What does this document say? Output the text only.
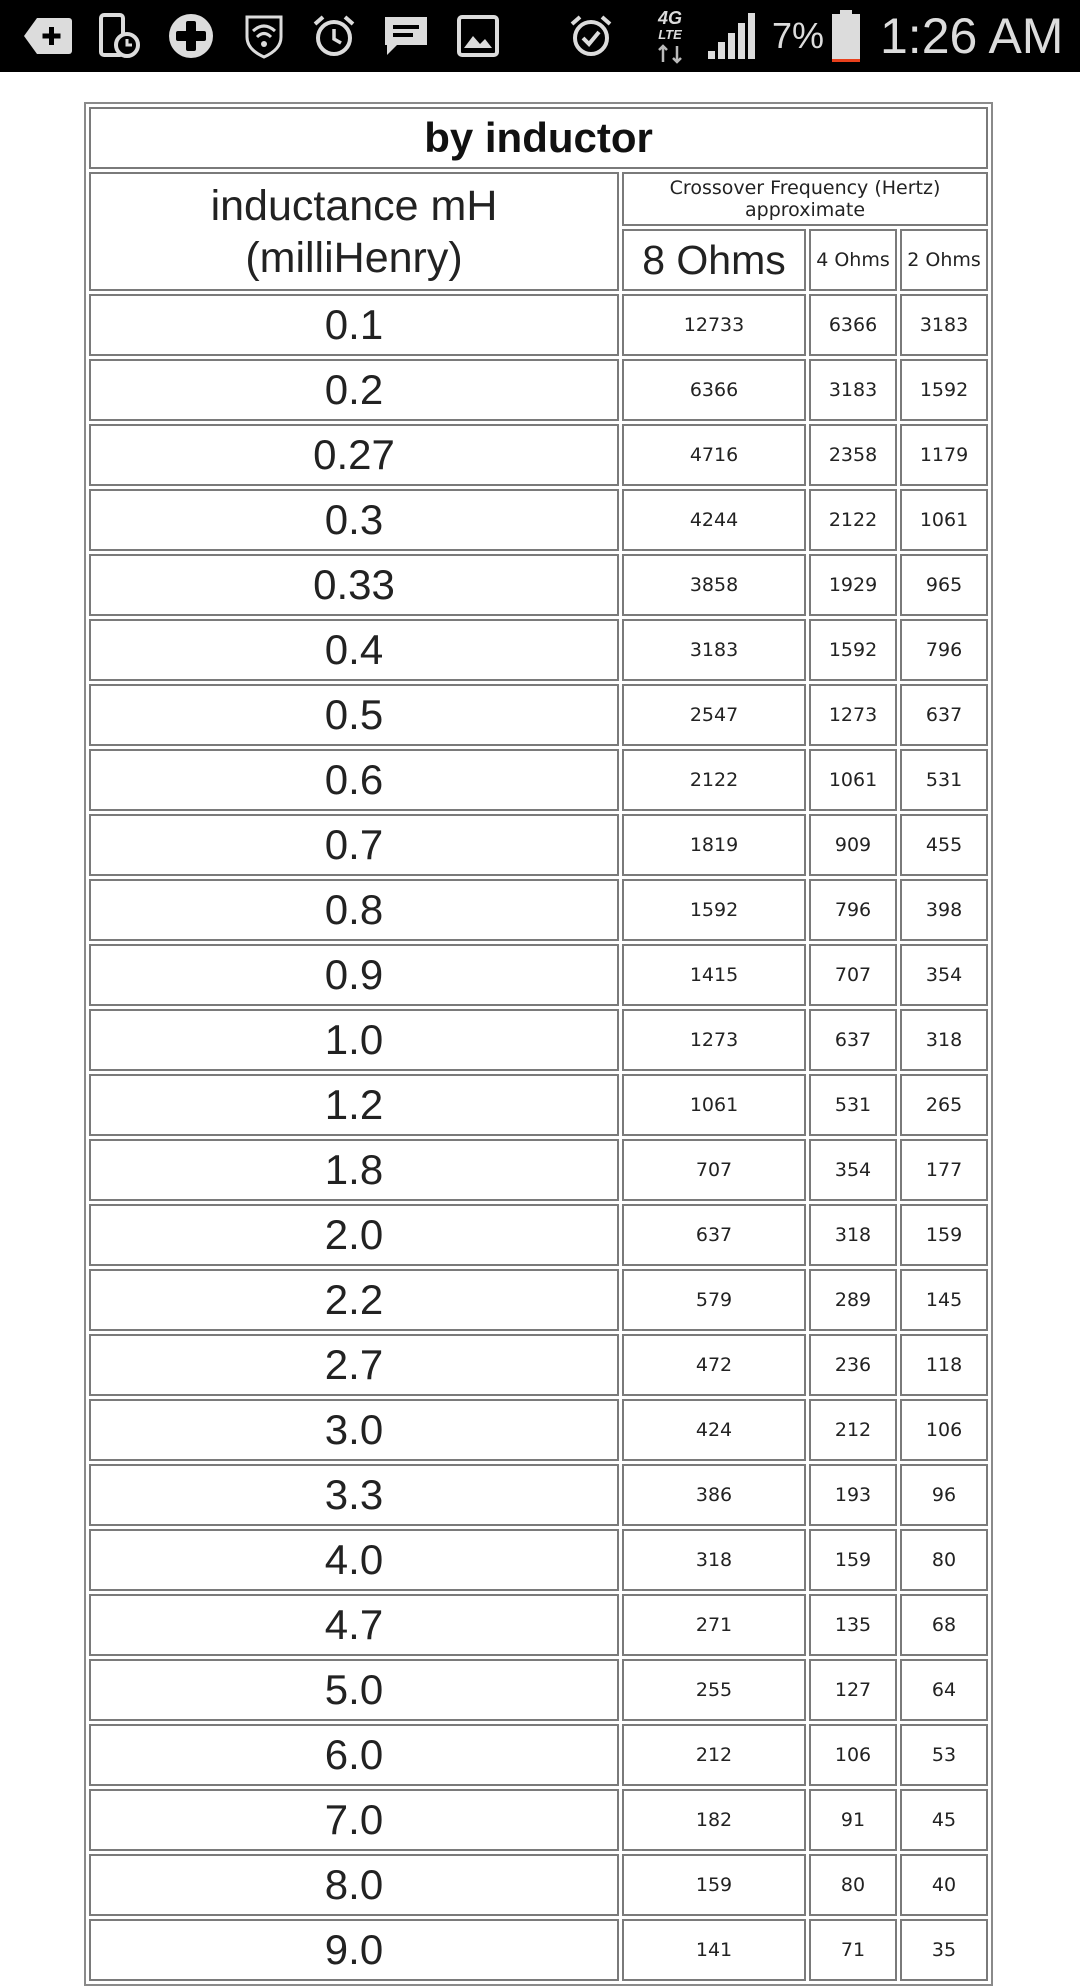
4G
LTE	7% 1:26 AM
by inductor			
inductance mH
(milliHenry)	Crossover Frequency (Hertz)
approximate		
	8 Ohms	4 Ohms	2 Ohms
0.1	12733	6366	3183
0.2	6366	3183	1592
0.27	4716	2358	1179
0.3	4244	2122	1061
0.33	3858	1929	965
0.4	3183	1592	796
0.5	2547	1273	637
0.6	2122	1061	531
0.7	1819	909	455
0.8	1592	796	398
0.9	1415	707	354
1.0	1273	637	318
1.2	1061	531	265
1.8	707	354	177
2.0	637	318	159
2.2	579	289	145
2.7	472	236	118
3.0	424	212	106
3.3	386	193	96
4.0	318	159	80
4.7	271	135	68
5.0	255	127	64
6.0	212	106	53
7.0	182	91	45
8.0	159	80	40
9.0	141	71	35
